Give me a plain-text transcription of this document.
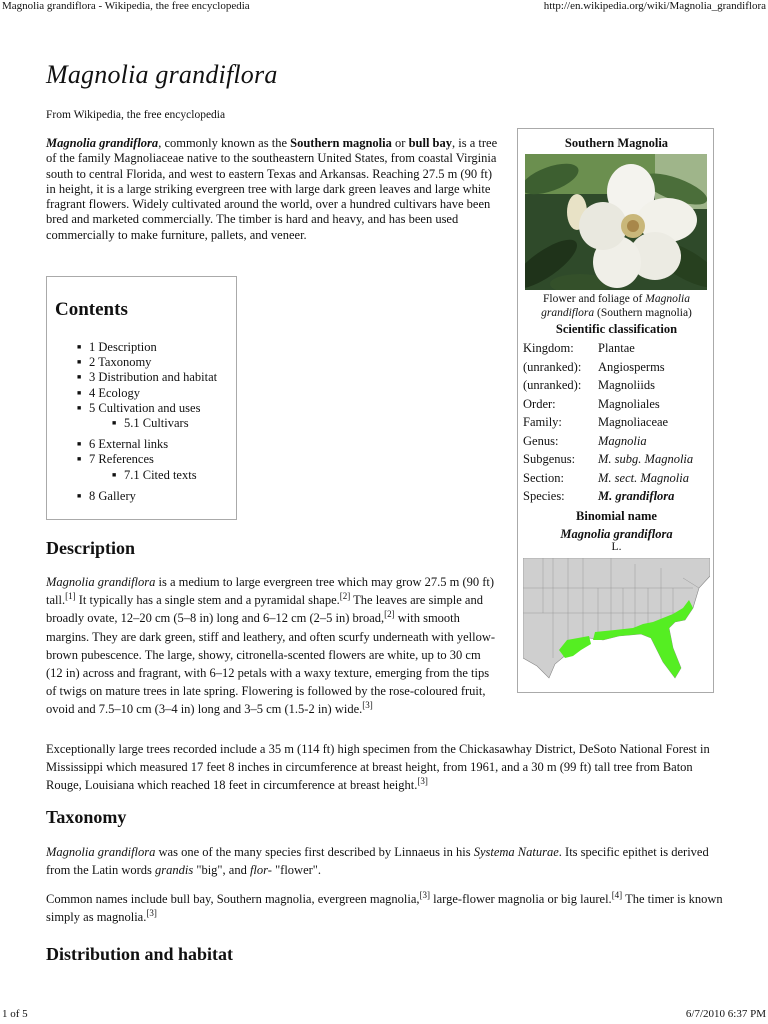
Magnolia grandiflora - Wikipedia, the free encyclopedia	http://en.wikipedia.org/wiki/Magnolia_grandiflora
1 of 5	6/7/2010 6:37 PM
Magnolia grandiflora
From Wikipedia, the free encyclopedia

Magnolia grandiflora, commonly known as the Southern magnolia or bull bay, is a tree of the family Magnoliaceae native to the southeastern United States, from coastal Virginia south to central Florida, and west to eastern Texas and Arkansas. Reaching 27.5 m (90 ft) in height, it is a large striking evergreen tree with large dark green leaves and large white fragrant flowers. Widely cultivated around the world, over a hundred cultivars have been bred and marketed commercially. The timber is hard and heavy, and has been used commercially to make furniture, pallets, and veneer.

Contents
■ 1 Description
■ 2 Taxonomy
■ 3 Distribution and habitat
■ 4 Ecology
■ 5 Cultivation and uses
■ 5.1 Cultivars
■ 6 External links
■ 7 References
■ 7.1 Cited texts
■ 8 Gallery
Description

Magnolia grandiflora is a medium to large evergreen tree which may grow 27.5 m (90 ft) tall.[1] It typically has a single stem and a pyramidal shape.[2] The leaves are simple and broadly ovate, 12–20 cm (5–8 in) long and 6–12 cm (2–5 in) broad,[2] with smooth margins. They are dark green, stiff and leathery, and often scurfy underneath with yellow-brown pubescence. The large, showy, citronella-scented flowers are white, up to 30 cm (12 in) across and fragrant, with 6–12 petals with a waxy texture, emerging from the tips of twigs on mature trees in late spring. Flowering is followed by the rose-coloured fruit, ovoid and 7.5–10 cm (3–4 in) long and 3–5 cm (1.5-2 in) wide.[3]

Exceptionally large trees recorded include a 35 m (114 ft) high specimen from the Chickasawhay District, DeSoto National Forest in Mississippi which measured 17 feet 8 inches in circumference at breast height, from 1961, and a 30 m (99 ft) tall tree from Baton Rouge, Louisiana which reached 18 feet in circumference at breast height.[3]

Taxonomy

Magnolia grandiflora was one of the many species first described by Linnaeus in his Systema Naturae. Its specific epithet is derived from the Latin words grandis "big", and flor- "flower".

Common names include bull bay, Southern magnolia, evergreen magnolia,[3] large-flower magnolia or big laurel.[4] The timer is known simply as magnolia.[3]

Distribution and habitat
Southern Magnolia
Flower and foliage of Magnolia grandiflora (Southern magnolia)
Scientific classification
Kingdom: Plantae
(unranked): Angiosperms
(unranked): Magnoliids
Order:	Magnoliales
Family:	Magnoliaceae
Genus:	Magnolia
Subgenus: M. subg. Magnolia
Section:	M. sect. Magnolia
Species:	M. grandiflora
Binomial name
Magnolia grandiflora
L.
